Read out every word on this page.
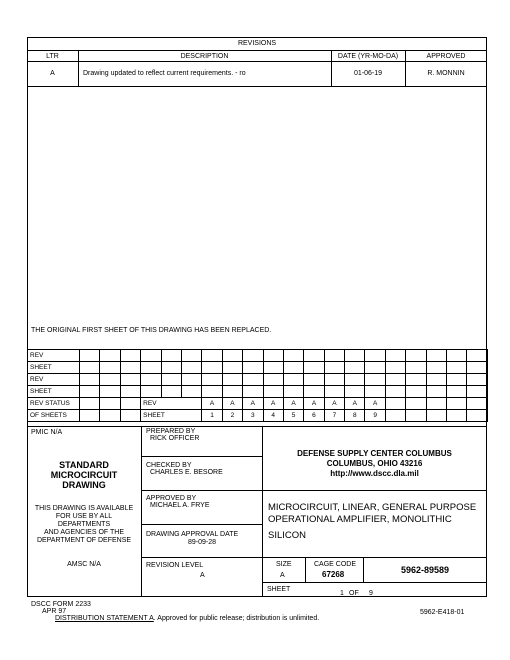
REVISIONS
LTR	DESCRIPTION	DATE (YR-MO-DA)	APPROVED
A	Drawing updated to reflect current requirements. - ro	01-06-19	R. MONNIN
THE ORIGINAL FIRST SHEET OF THIS DRAWING HAS BEEN REPLACED.
REV																				
SHEET																				
REV																				
SHEET																				
REV STATUS				REV			A	A	A	A	A	A	A	A	A					
OF SHEETS				SHEET			1	2	3	4	5	6	7	8	9					
PMIC N/A
STANDARD
MICROCIRCUIT
DRAWING
THIS DRAWING IS AVAILABLE
FOR USE BY ALL
DEPARTMENTS
AND AGENCIES OF THE
DEPARTMENT OF DEFENSE
AMSC N/A
PREPARED BY
RICK OFFICER
CHECKED BY
CHARLES E. BESORE
APPROVED BY
MICHAEL A. FRYE
DRAWING APPROVAL DATE
89-09-28
REVISION LEVEL
A
DEFENSE SUPPLY CENTER COLUMBUS
COLUMBUS, OHIO 43216
http://www.dscc.dla.mil
MICROCIRCUIT, LINEAR, GENERAL PURPOSE
OPERATIONAL AMPLIFIER, MONOLITHIC
SILICON
SIZE
A
CAGE CODE
67268	5962-89589
SHEET
1 OF 9
DSCC FORM 2233
APR 97
DISTRIBUTION STATEMENT A. Approved for public release; distribution is unlimited.
5962-E418-01
